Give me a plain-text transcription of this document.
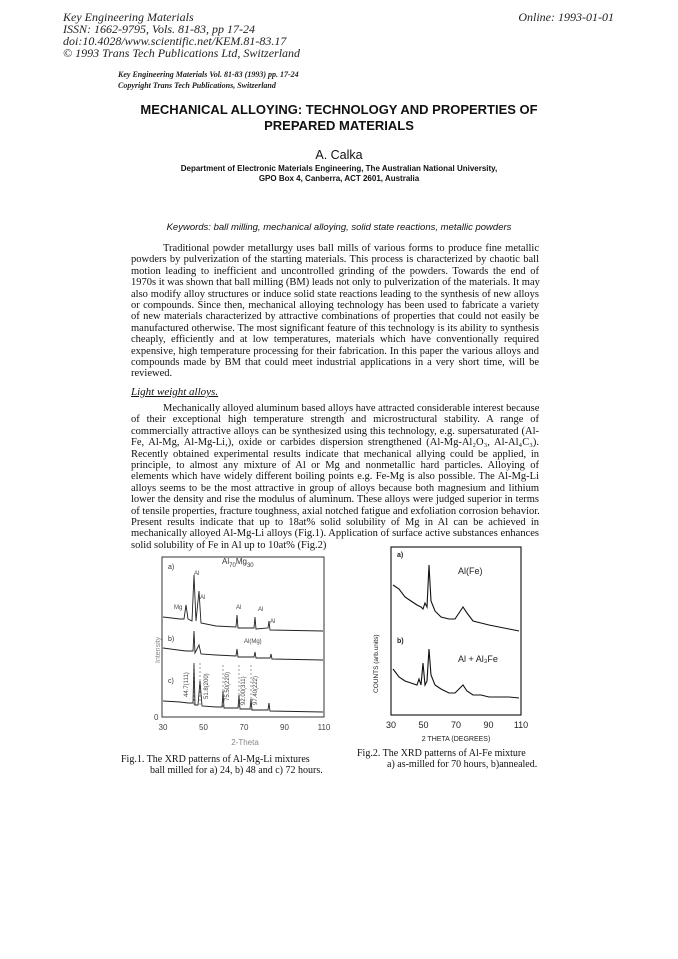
Key Engineering Materials
ISSN: 1662-9795, Vols. 81-83, pp 17-24
doi:10.4028/www.scientific.net/KEM.81-83.17
© 1993 Trans Tech Publications Ltd, Switzerland
Online: 1993-01-01
Key Engineering Materials Vol. 81-83 (1993) pp. 17-24
Copyright Trans Tech Publications, Switzerland
MECHANICAL ALLOYING: TECHNOLOGY AND PROPERTIES OF
PREPARED MATERIALS
A. Calka
Department of Electronic Materials Engineering, The Australian National University,
GPO Box 4, Canberra, ACT 2601, Australia
Keywords: ball milling, mechanical alloying, solid state reactions, metallic powders
Traditional powder metallurgy uses ball mills of various forms to produce fine metallic
powders by pulverization of the starting materials. This process is characterized by chaotic ball
motion leading to inefficient and uncontrolled grinding of the powders. Towards the end of
1970s it was shown that ball milling (BM) leads not only to pulverization of the materials. It may
also modify alloy structures or induce solid state reactions leading to the synthesis of new alloys
or compounds. Since then, mechanical alloying technology has been used to fabricate a variety
of new materials characterized by attractive combinations of properties that could not easily be
manufactured otherwise. The most significant feature of this technology is its ability to synthesis
cheaply, efficiently and at low temperatures, materials which have conventionally required
expensive, high temperature processing for their fabrication. In this paper the various alloys and
compounds made by BM that could meet industrial applications in a very short time, will be
reviewed.
Light weight alloys.
Mechanically alloyed aluminum based alloys have attracted considerable interest because
of their exceptional high temperature strength and microstructural stability. A range of
commercially attractive alloys can be synthesized using this technology, e.g. supersaturated (Al-
Fe, Al-Mg, Al-Mg-Li,), oxide or carbides dispersion strengthened (Al-Mg-Al₂O₃, Al-Al₄C₃).
Recently obtained experimental results indicate that mechanical allying could be applied, in
principle, to almost any mixture of Al or Mg and nonmetallic hard particles. Alloying of
elements which have widely different boiling points e.g. Fe-Mg is also possible. The Al-Mg-Li
alloys seems to be the most attractive in group of alloys because both magnesium and lithium
lower the density and rise the modulus of aluminum. These alloys were judged superior in terms
of tensile properties, fracture toughness, axial notched fatigue and exfoliation corrosion behavior.
Present results indicate that up to 18at% solid solubility of Mg in Al can be achieved in
mechanically alloyed Al-Mg-Li alloys (Fig.1). Application of surface active substances enhances
solid solubility of Fe in Al up to 10at% (Fig.2)
a)
b)
c)
$Al_{70}Mg_{30}$
Al
Mg
Al
Al	Al
Al
Al(Mg)
44.7(111) 51.8(200)	75.50(220) 92.00(311) 97.40(222)
Intensity
0
30	50	70	90	110
2-Theta
Fig.1. The XRD patterns of Al-Mg-Li mixtures
ball milled for a) 24, b) 48 and c) 72 hours.
a)
b)
Al(Fe)
Al + Al₃Fe
COUNTS (arb.units)
30 50 70 90 110
2 THETA (DEGREES)
Fig.2. The XRD patterns of Al-Fe mixture
a) as-milled for 70 hours, b)annealed.
